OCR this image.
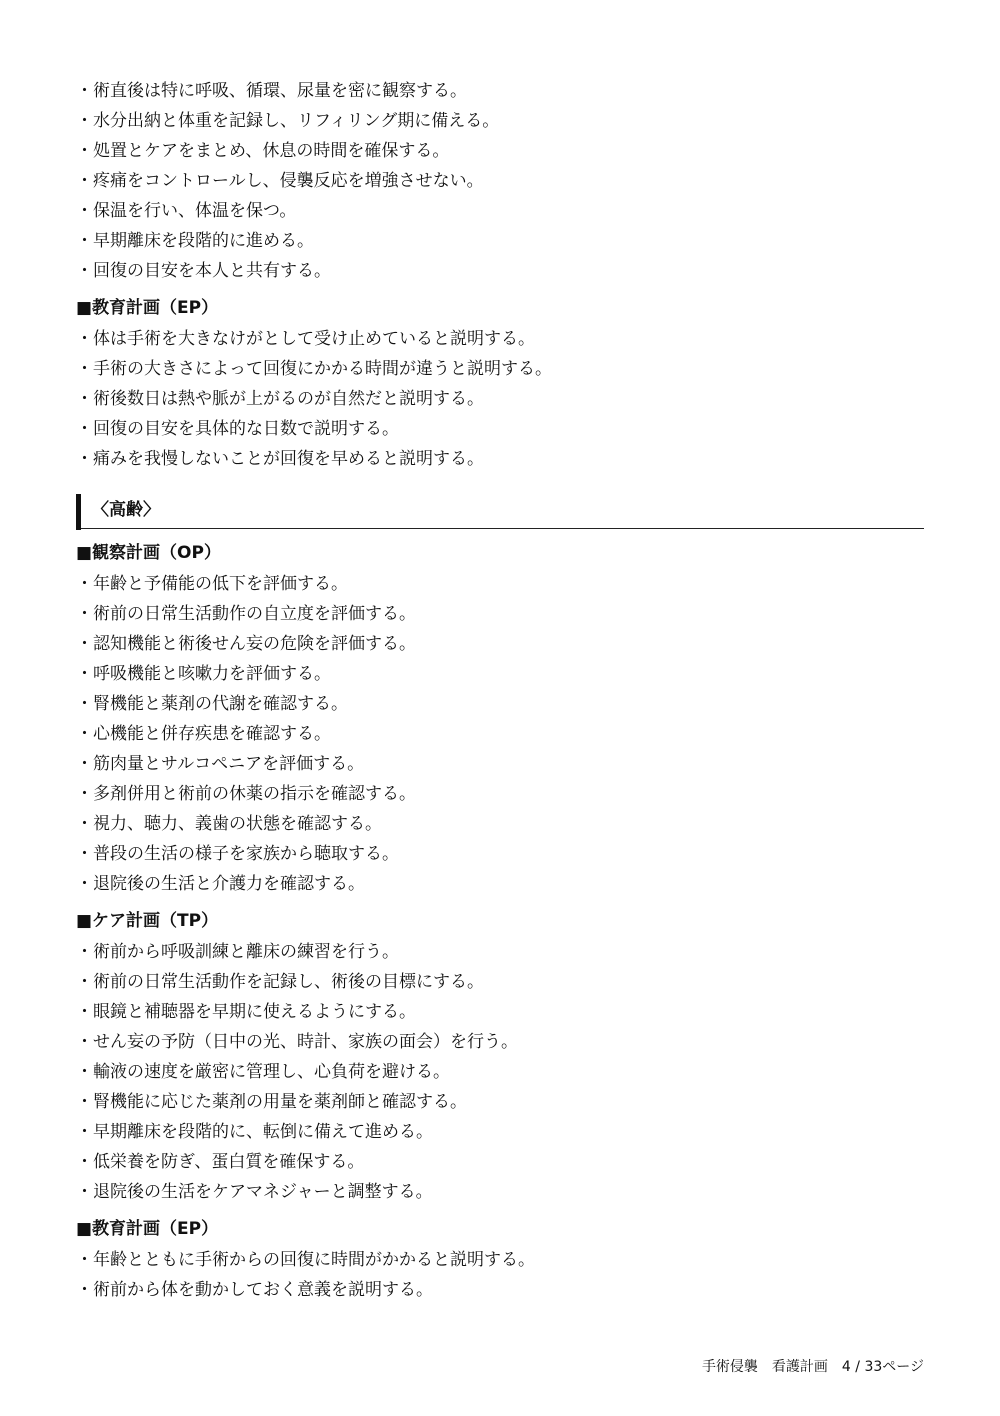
・術直後は特に呼吸、循環、尿量を密に観察する。
・水分出納と体重を記録し、リフィリング期に備える。
・処置とケアをまとめ、休息の時間を確保する。
・疼痛をコントロールし、侵襲反応を増強させない。
・保温を行い、体温を保つ。
・早期離床を段階的に進める。
・回復の目安を本人と共有する。
■教育計画（EP）
・体は手術を大きなけがとして受け止めていると説明する。
・手術の大きさによって回復にかかる時間が違うと説明する。
・術後数日は熱や脈が上がるのが自然だと説明する。
・回復の目安を具体的な日数で説明する。
・痛みを我慢しないことが回復を早めると説明する。
〈高齢〉
■観察計画（OP）
・年齢と予備能の低下を評価する。
・術前の日常生活動作の自立度を評価する。
・認知機能と術後せん妄の危険を評価する。
・呼吸機能と咳嗽力を評価する。
・腎機能と薬剤の代謝を確認する。
・心機能と併存疾患を確認する。
・筋肉量とサルコペニアを評価する。
・多剤併用と術前の休薬の指示を確認する。
・視力、聴力、義歯の状態を確認する。
・普段の生活の様子を家族から聴取する。
・退院後の生活と介護力を確認する。
■ケア計画（TP）
・術前から呼吸訓練と離床の練習を行う。
・術前の日常生活動作を記録し、術後の目標にする。
・眼鏡と補聴器を早期に使えるようにする。
・せん妄の予防（日中の光、時計、家族の面会）を行う。
・輸液の速度を厳密に管理し、心負荷を避ける。
・腎機能に応じた薬剤の用量を薬剤師と確認する。
・早期離床を段階的に、転倒に備えて進める。
・低栄養を防ぎ、蛋白質を確保する。
・退院後の生活をケアマネジャーと調整する。
■教育計画（EP）
・年齢とともに手術からの回復に時間がかかると説明する。
・術前から体を動かしておく意義を説明する。
手術侵襲　看護計画　4 / 33ページ
